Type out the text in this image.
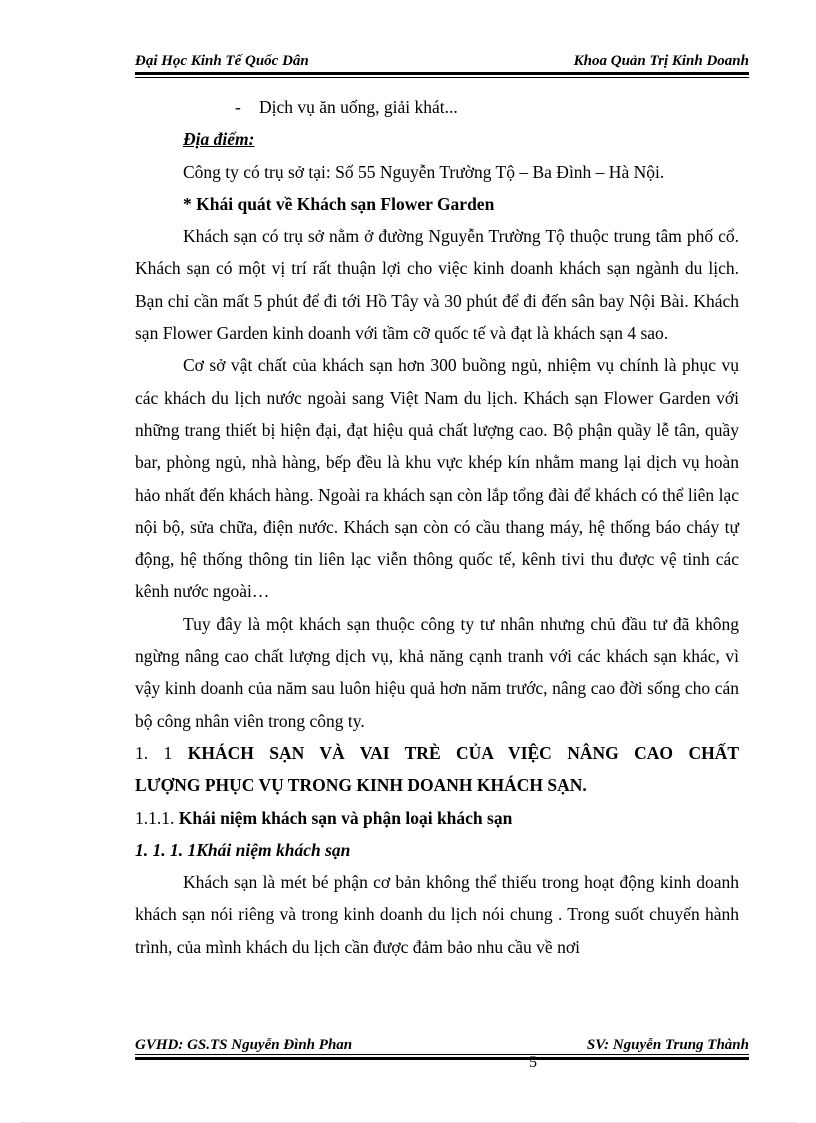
Đại Học Kinh Tế Quốc Dân	Khoa Quản Trị Kinh Doanh

- Dịch vụ ăn uống, giải khát...

Địa điểm:

Công ty có trụ sở tại: Số 55 Nguyễn Trường Tộ – Ba Đình – Hà Nội.

* Khái quát về Khách sạn Flower Garden

Khách sạn có trụ sở nằm ở đường Nguyễn Trường Tộ thuộc trung tâm phố cổ. Khách sạn có một vị trí rất thuận lợi cho việc kinh doanh khách sạn ngành du lịch. Bạn chỉ cần mất 5 phút để đi tới Hồ Tây và 30 phút để đi đến sân bay Nội Bài. Khách sạn Flower Garden kinh doanh với tầm cỡ quốc tế và đạt là khách sạn 4 sao.

Cơ sở vật chất của khách sạn hơn 300 buồng ngủ, nhiệm vụ chính là phục vụ các khách du lịch nước ngoài sang Việt Nam du lịch. Khách sạn Flower Garden với những trang thiết bị hiện đại, đạt hiệu quả chất lượng cao. Bộ phận quầy lễ tân, quầy bar, phòng ngủ, nhà hàng, bếp đều là khu vực khép kín nhằm mang lại dịch vụ hoàn hảo nhất đến khách hàng. Ngoài ra khách sạn còn lắp tổng đài để khách có thể liên lạc nội bộ, sửa chữa, điện nước. Khách sạn còn có cầu thang máy, hệ thống báo cháy tự động, hệ thống thông tin liên lạc viễn thông quốc tế, kênh tivi thu được vệ tinh các kênh nước ngoài…

Tuy đây là một khách sạn thuộc công ty tư nhân nhưng chủ đầu tư đã không ngừng nâng cao chất lượng dịch vụ, khả năng cạnh tranh với các khách sạn khác, vì vậy kinh doanh của năm sau luôn hiệu quả hơn năm trước, nâng cao đời sống cho cán bộ công nhân viên trong công ty.

1. 1 KHÁCH SẠN VÀ VAI TRÈ CỦA VIỆC NÂNG CAO CHẤT

LƯỢNG PHỤC VỤ TRONG KINH DOANH KHÁCH SẠN.

1.1.1. Khái niệm khách sạn và phận loại khách sạn

1. 1. 1. 1Khái niệm khách sạn

Khách sạn là mét bé phận cơ bản không thể thiếu trong hoạt động kinh doanh khách sạn nói riêng và trong kinh doanh du lịch nói chung . Trong suốt chuyến hành trình, của mình khách du lịch cần được đảm bảo nhu cầu về nơi

GVHD: GS.TS Nguyễn Đình Phan	SV: Nguyễn Trung Thành
5
